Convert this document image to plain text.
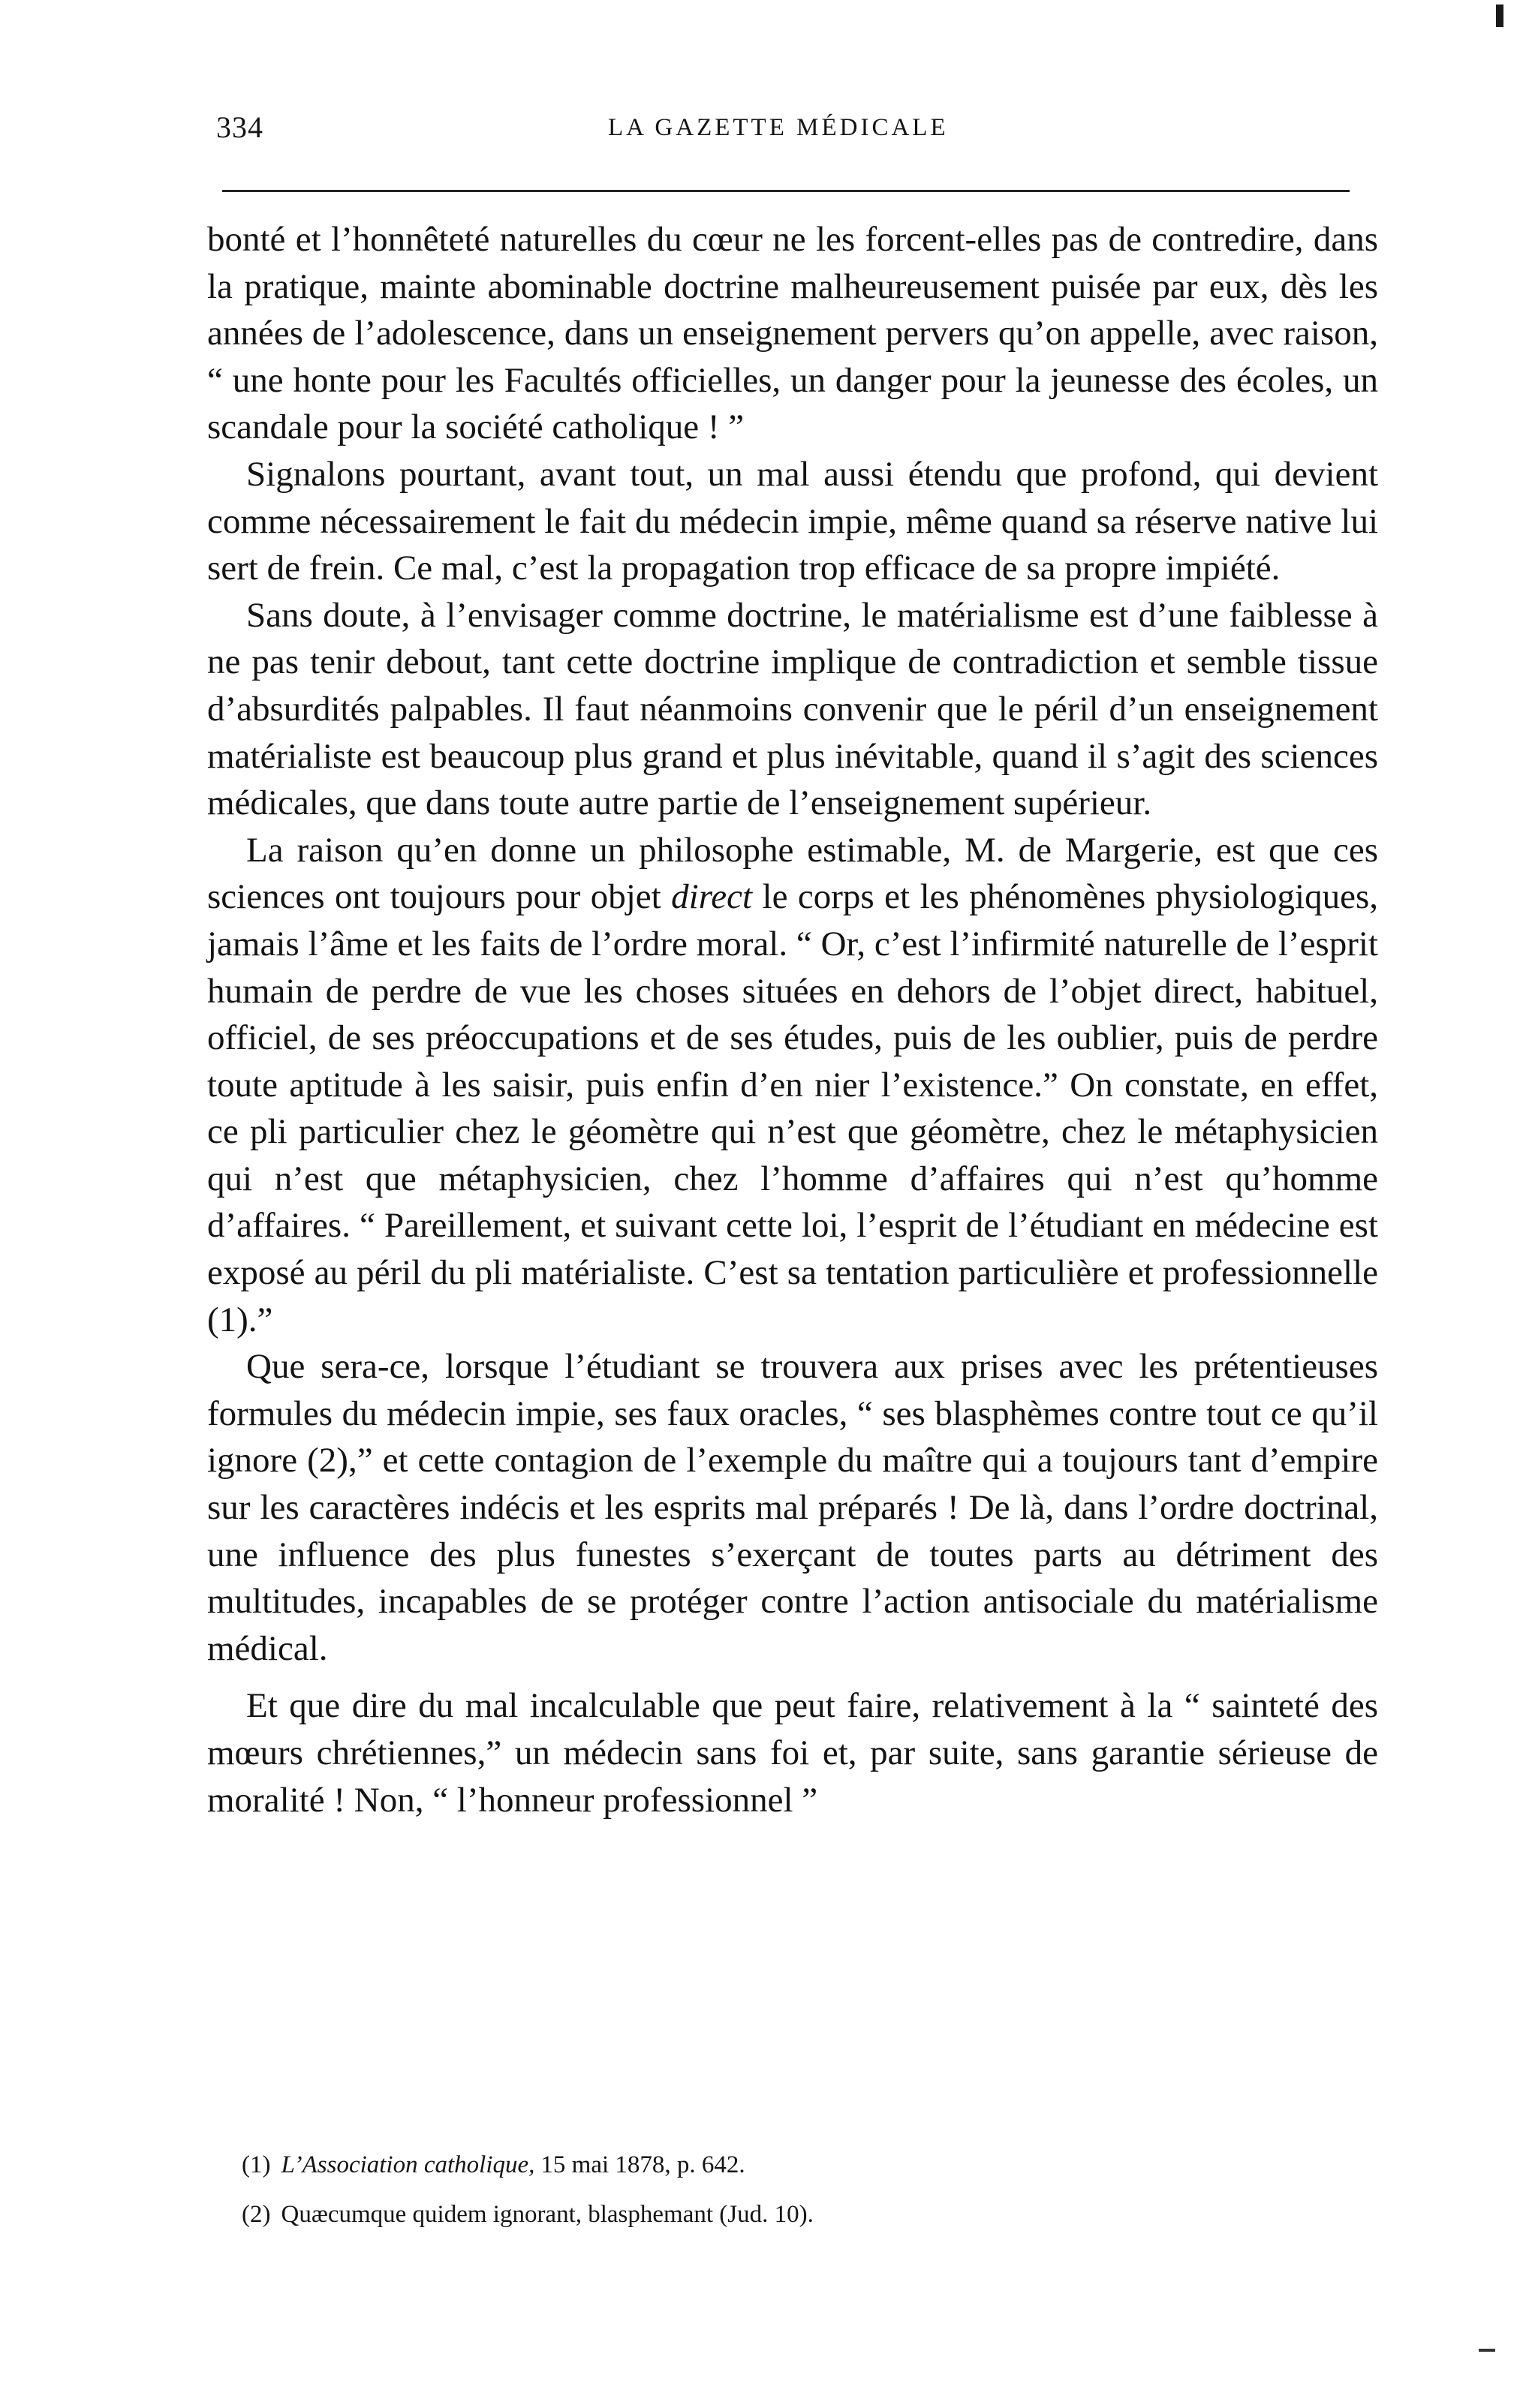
334	LA GAZETTE MÉDICALE

bonté et l’honnêteté naturelles du cœur ne les forcent-elles pas de contredire, dans la pratique, mainte abominable doctrine malheureusement puisée par eux, dès les années de l’adolescence, dans un enseignement pervers qu’on appelle, avec raison, “ une honte pour les Facultés officielles, un danger pour la jeunesse des écoles, un scandale pour la société catholique ! ”

Signalons pourtant, avant tout, un mal aussi étendu que profond, qui devient comme nécessairement le fait du médecin impie, même quand sa réserve native lui sert de frein. Ce mal, c’est la propagation trop efficace de sa propre impiété.

Sans doute, à l’envisager comme doctrine, le matérialisme est d’une faiblesse à ne pas tenir debout, tant cette doctrine implique de contradiction et semble tissue d’absurdités palpables. Il faut néanmoins convenir que le péril d’un enseignement matérialiste est beaucoup plus grand et plus inévitable, quand il s’agit des sciences médicales, que dans toute autre partie de l’enseignement supérieur.

La raison qu’en donne un philosophe estimable, M. de Margerie, est que ces sciences ont toujours pour objet direct le corps et les phénomènes physiologiques, jamais l’âme et les faits de l’ordre moral. “ Or, c’est l’infirmité naturelle de l’esprit humain de perdre de vue les choses situées en dehors de l’objet direct, habituel, officiel, de ses préoccupations et de ses études, puis de les oublier, puis de perdre toute aptitude à les saisir, puis enfin d’en nier l’existence.” On constate, en effet, ce pli particulier chez le géomètre qui n’est que géomètre, chez le métaphysicien qui n’est que métaphysicien, chez l’homme d’affaires qui n’est qu’homme d’affaires. “ Pareillement, et suivant cette loi, l’esprit de l’étudiant en médecine est exposé au péril du pli matérialiste. C’est sa tentation particulière et professionnelle (1).”

Que sera-ce, lorsque l’étudiant se trouvera aux prises avec les prétentieuses formules du médecin impie, ses faux oracles, “ ses blasphèmes contre tout ce qu’il ignore (2),” et cette contagion de l’exemple du maître qui a toujours tant d’empire sur les caractères indécis et les esprits mal préparés ! De là, dans l’ordre doctrinal, une influence des plus funestes s’exerçant de toutes parts au détriment des multitudes, incapables de se protéger contre l’action antisociale du matérialisme médical.

Et que dire du mal incalculable que peut faire, relativement à la “ sainteté des mœurs chrétiennes,” un médecin sans foi et, par suite, sans garantie sérieuse de moralité ! Non, “ l’honneur professionnel ”

(1) L’Association catholique, 15 mai 1878, p. 642.
(2) Quæcumque quidem ignorant, blasphemant (Jud. 10).
